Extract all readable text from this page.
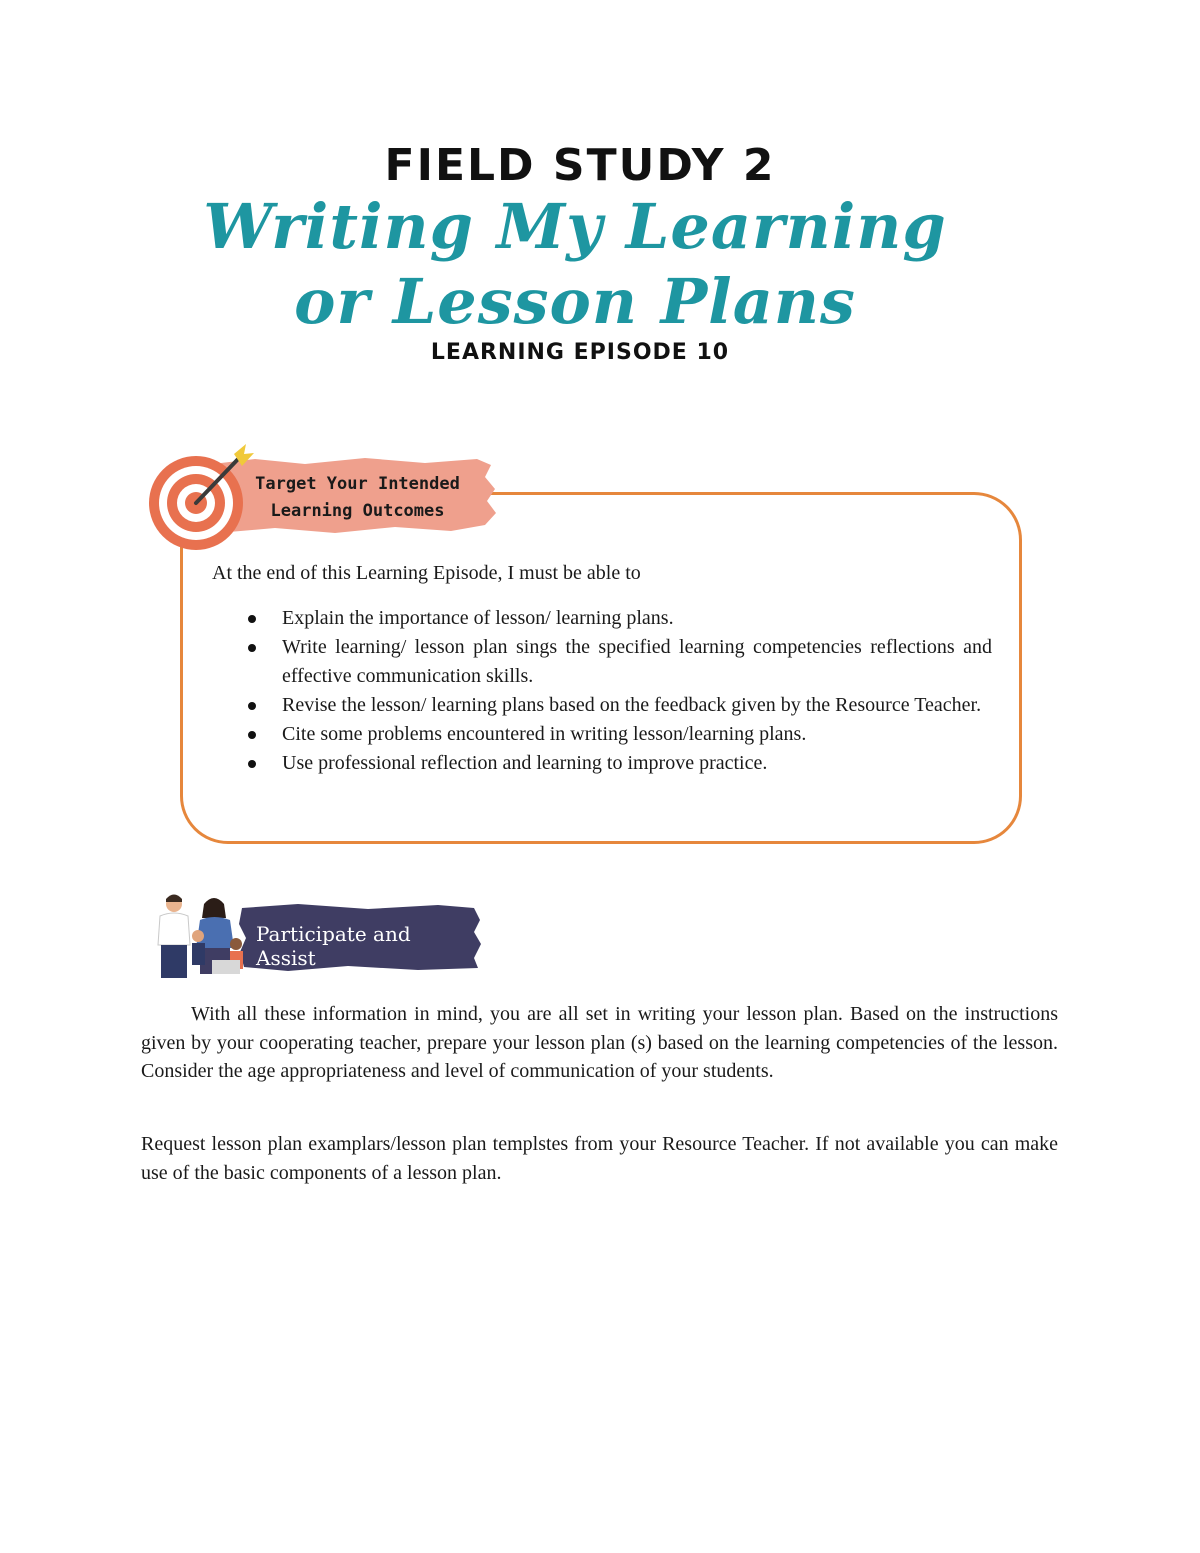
FIELD STUDY 2
Writing My Learning
or Lesson Plans
LEARNING EPISODE 10
Target Your Intended
Learning Outcomes
At the end of this Learning Episode, I must be able to
Explain the importance of lesson/ learning plans.
Write learning/ lesson plan sings the specified learning competencies reflections and effective communication skills.
Revise the lesson/ learning plans based on the feedback given by the Resource Teacher.
Cite some problems encountered in writing lesson/learning plans.
Use professional reflection and learning to improve practice.
Participate and Assist

With all these information in mind, you are all set in writing your lesson plan. Based on the instructions given by your cooperating teacher, prepare your lesson plan (s) based on the learning competencies of the lesson. Consider the age appropriateness and level of communication of your students.

Request lesson plan examplars/lesson plan templstes from your Resource Teacher. If not available you can make use of the basic components of a lesson plan.
